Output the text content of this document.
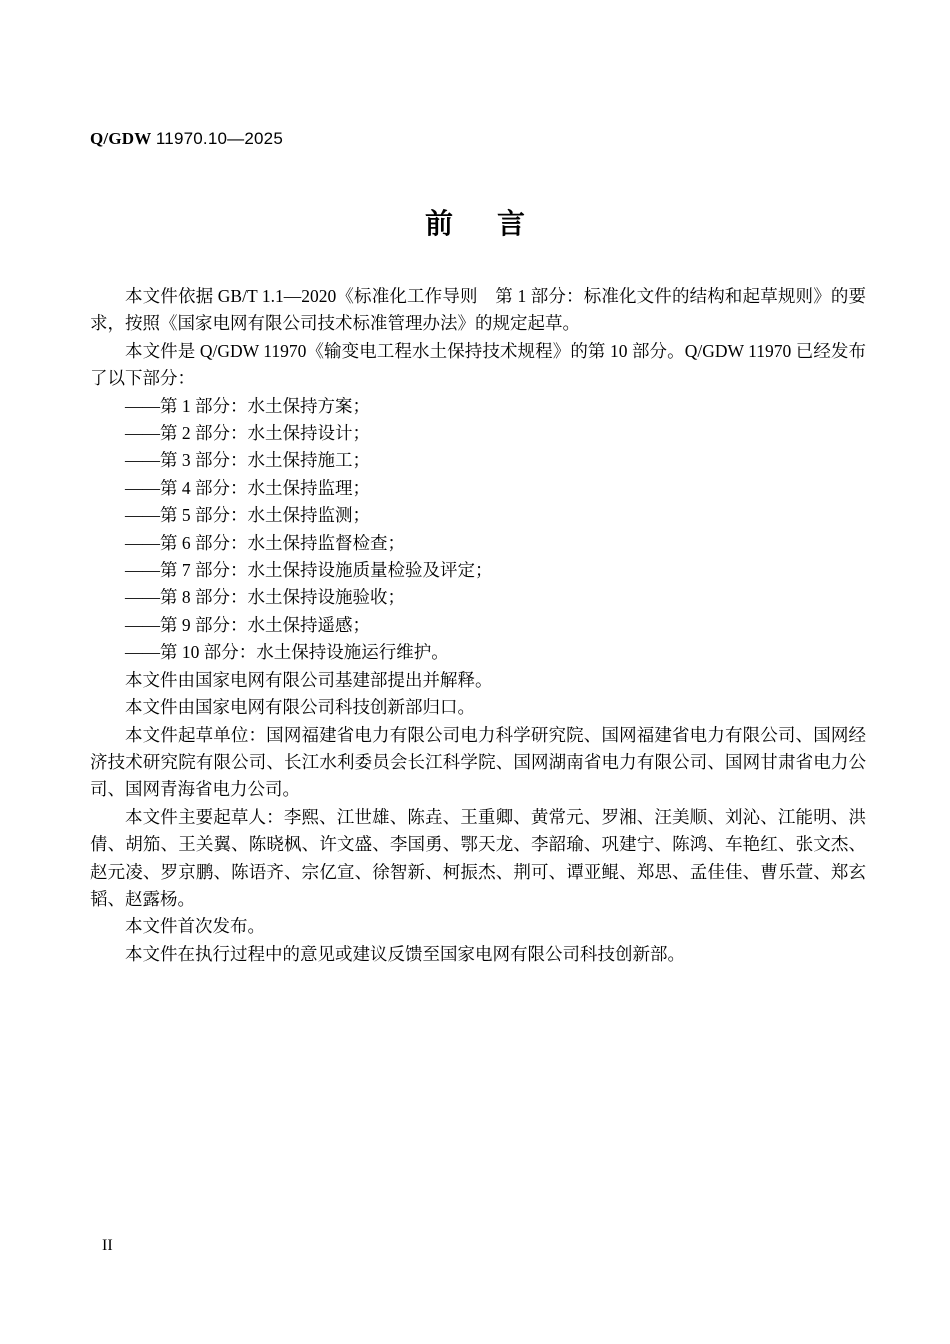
Q/GDW 11970.10—2025
前　言

本文件依据 GB/T 1.1—2020《标准化工作导则　第 1 部分：标准化文件的结构和起草规则》的要求，按照《国家电网有限公司技术标准管理办法》的规定起草。

本文件是 Q/GDW 11970《输变电工程水土保持技术规程》的第 10 部分。Q/GDW 11970 已经发布了以下部分：

——第 1 部分：水土保持方案；

——第 2 部分：水土保持设计；

——第 3 部分：水土保持施工；

——第 4 部分：水土保持监理；

——第 5 部分：水土保持监测；

——第 6 部分：水土保持监督检查；

——第 7 部分：水土保持设施质量检验及评定；

——第 8 部分：水土保持设施验收；

——第 9 部分：水土保持遥感；

——第 10 部分：水土保持设施运行维护。

本文件由国家电网有限公司基建部提出并解释。

本文件由国家电网有限公司科技创新部归口。

本文件起草单位：国网福建省电力有限公司电力科学研究院、国网福建省电力有限公司、国网经济技术研究院有限公司、长江水利委员会长江科学院、国网湖南省电力有限公司、国网甘肃省电力公司、国网青海省电力公司。

本文件主要起草人：李熙、江世雄、陈垚、王重卿、黄常元、罗湘、汪美顺、刘沁、江能明、洪倩、胡笳、王关翼、陈晓枫、许文盛、李国勇、鄂天龙、李韶瑜、巩建宁、陈鸿、车艳红、张文杰、赵元凌、罗京鹏、陈语齐、宗亿宣、徐智新、柯振杰、荆可、谭亚鲲、郑思、孟佳佳、曹乐萱、郑玄韬、赵露杨。

本文件首次发布。

本文件在执行过程中的意见或建议反馈至国家电网有限公司科技创新部。

II
